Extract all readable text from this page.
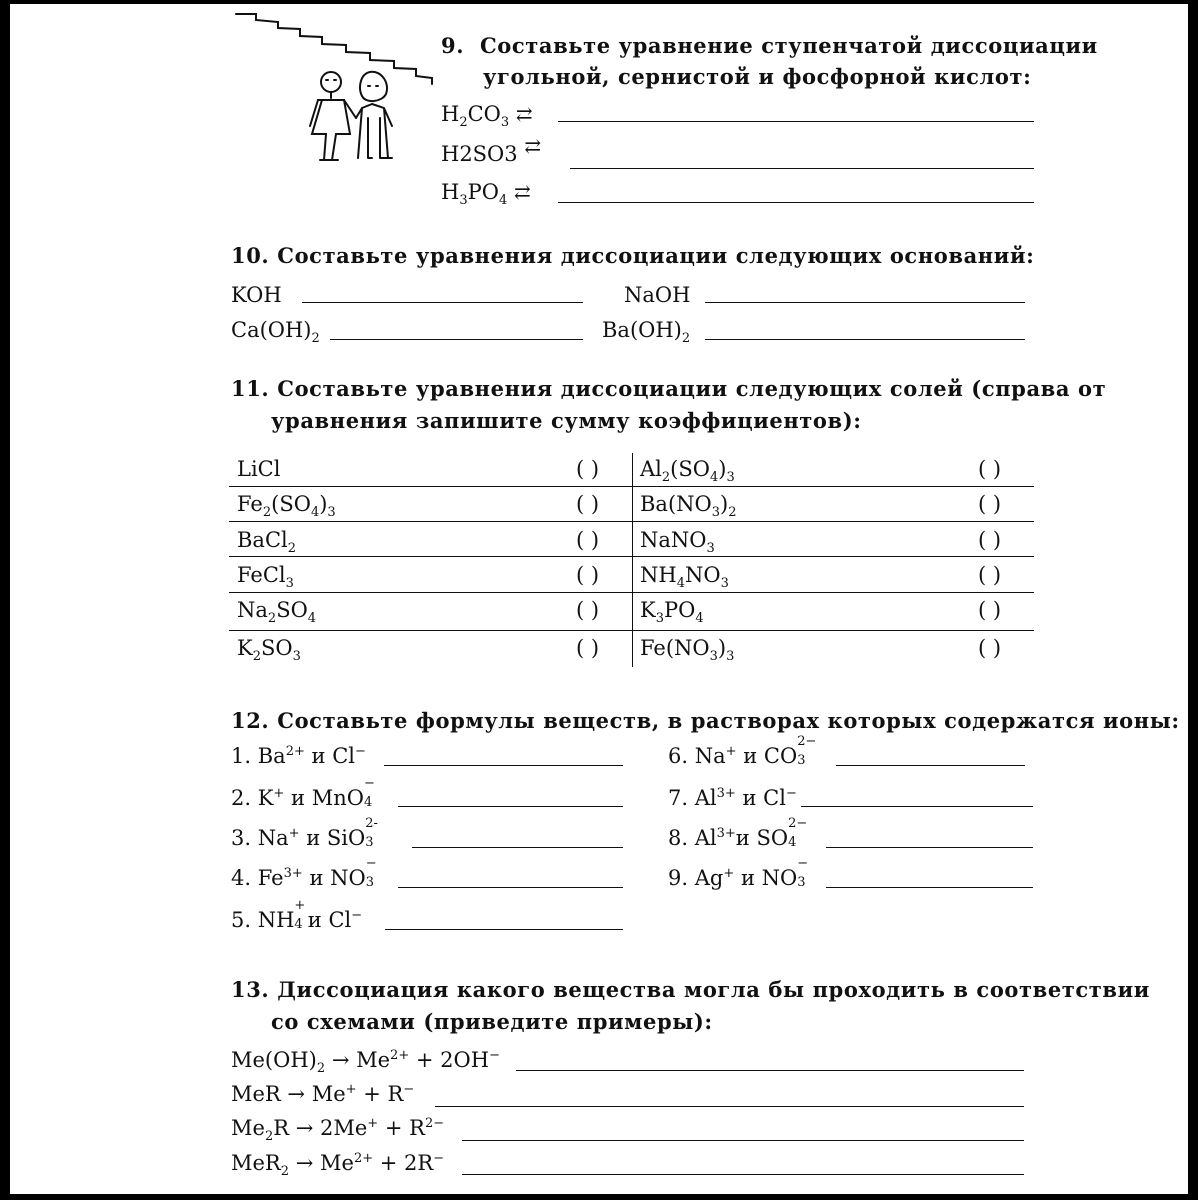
9. Составьте уравнение ступенчатой диссоциации
угольной, сернистой и фосфорной кислот:
$H_2CO_3$ ⇄
H2SO3 ⇄
$H_3PO_4$ ⇄
10. Составьте уравнения диссоциации следующих оснований:
KOH	NaOH
$Ca(OH)_2$	$Ba(OH)_2$
11. Составьте уравнения диссоциации следующих солей (справа от
уравнения запишите сумму коэффициентов):
LiCl
$Fe_2(SO_4)_3$
BaCl$_2$
FeCl$_3$
$Na_2SO_4$
$K_2SO_3$
$Al_2(SO_4)_3$
$Ba(NO_3)_2$
NaNO$_3$
$NH_4NO_3$
$K_3PO_4$
$Fe(NO_3)_3$
( )
( )
( )
( )
( )
( )
( )
( )
( )
( )
( )
( )
12. Составьте формулы веществ, в растворах которых содержатся ионы:
1. $Ba^{2+}$ и Cl−
2. K+ и MnO
−
4
3. Na+ и SiO
2-
3
4. $Fe^{3+}$ и NO
−
3
5. NH
+
4 и Cl−
6. Na+ и CO
2−
3
7. $Al^{3+}$ и Cl−
8. $Al^{3+}и$ SO
2−
4
9. Ag+ и NO
−
3
13. Диссоциация какого вещества могла бы проходить в соответствии
со схемами (приведите примеры):
$Me(OH)_2 \to Me^{2+} + 2OH^-$
MeR → Me+ + R−
$Me_2R \to 2Me^+ + R^{2-}$
$MeR_2 \to Me^{2+} + 2R^-$
